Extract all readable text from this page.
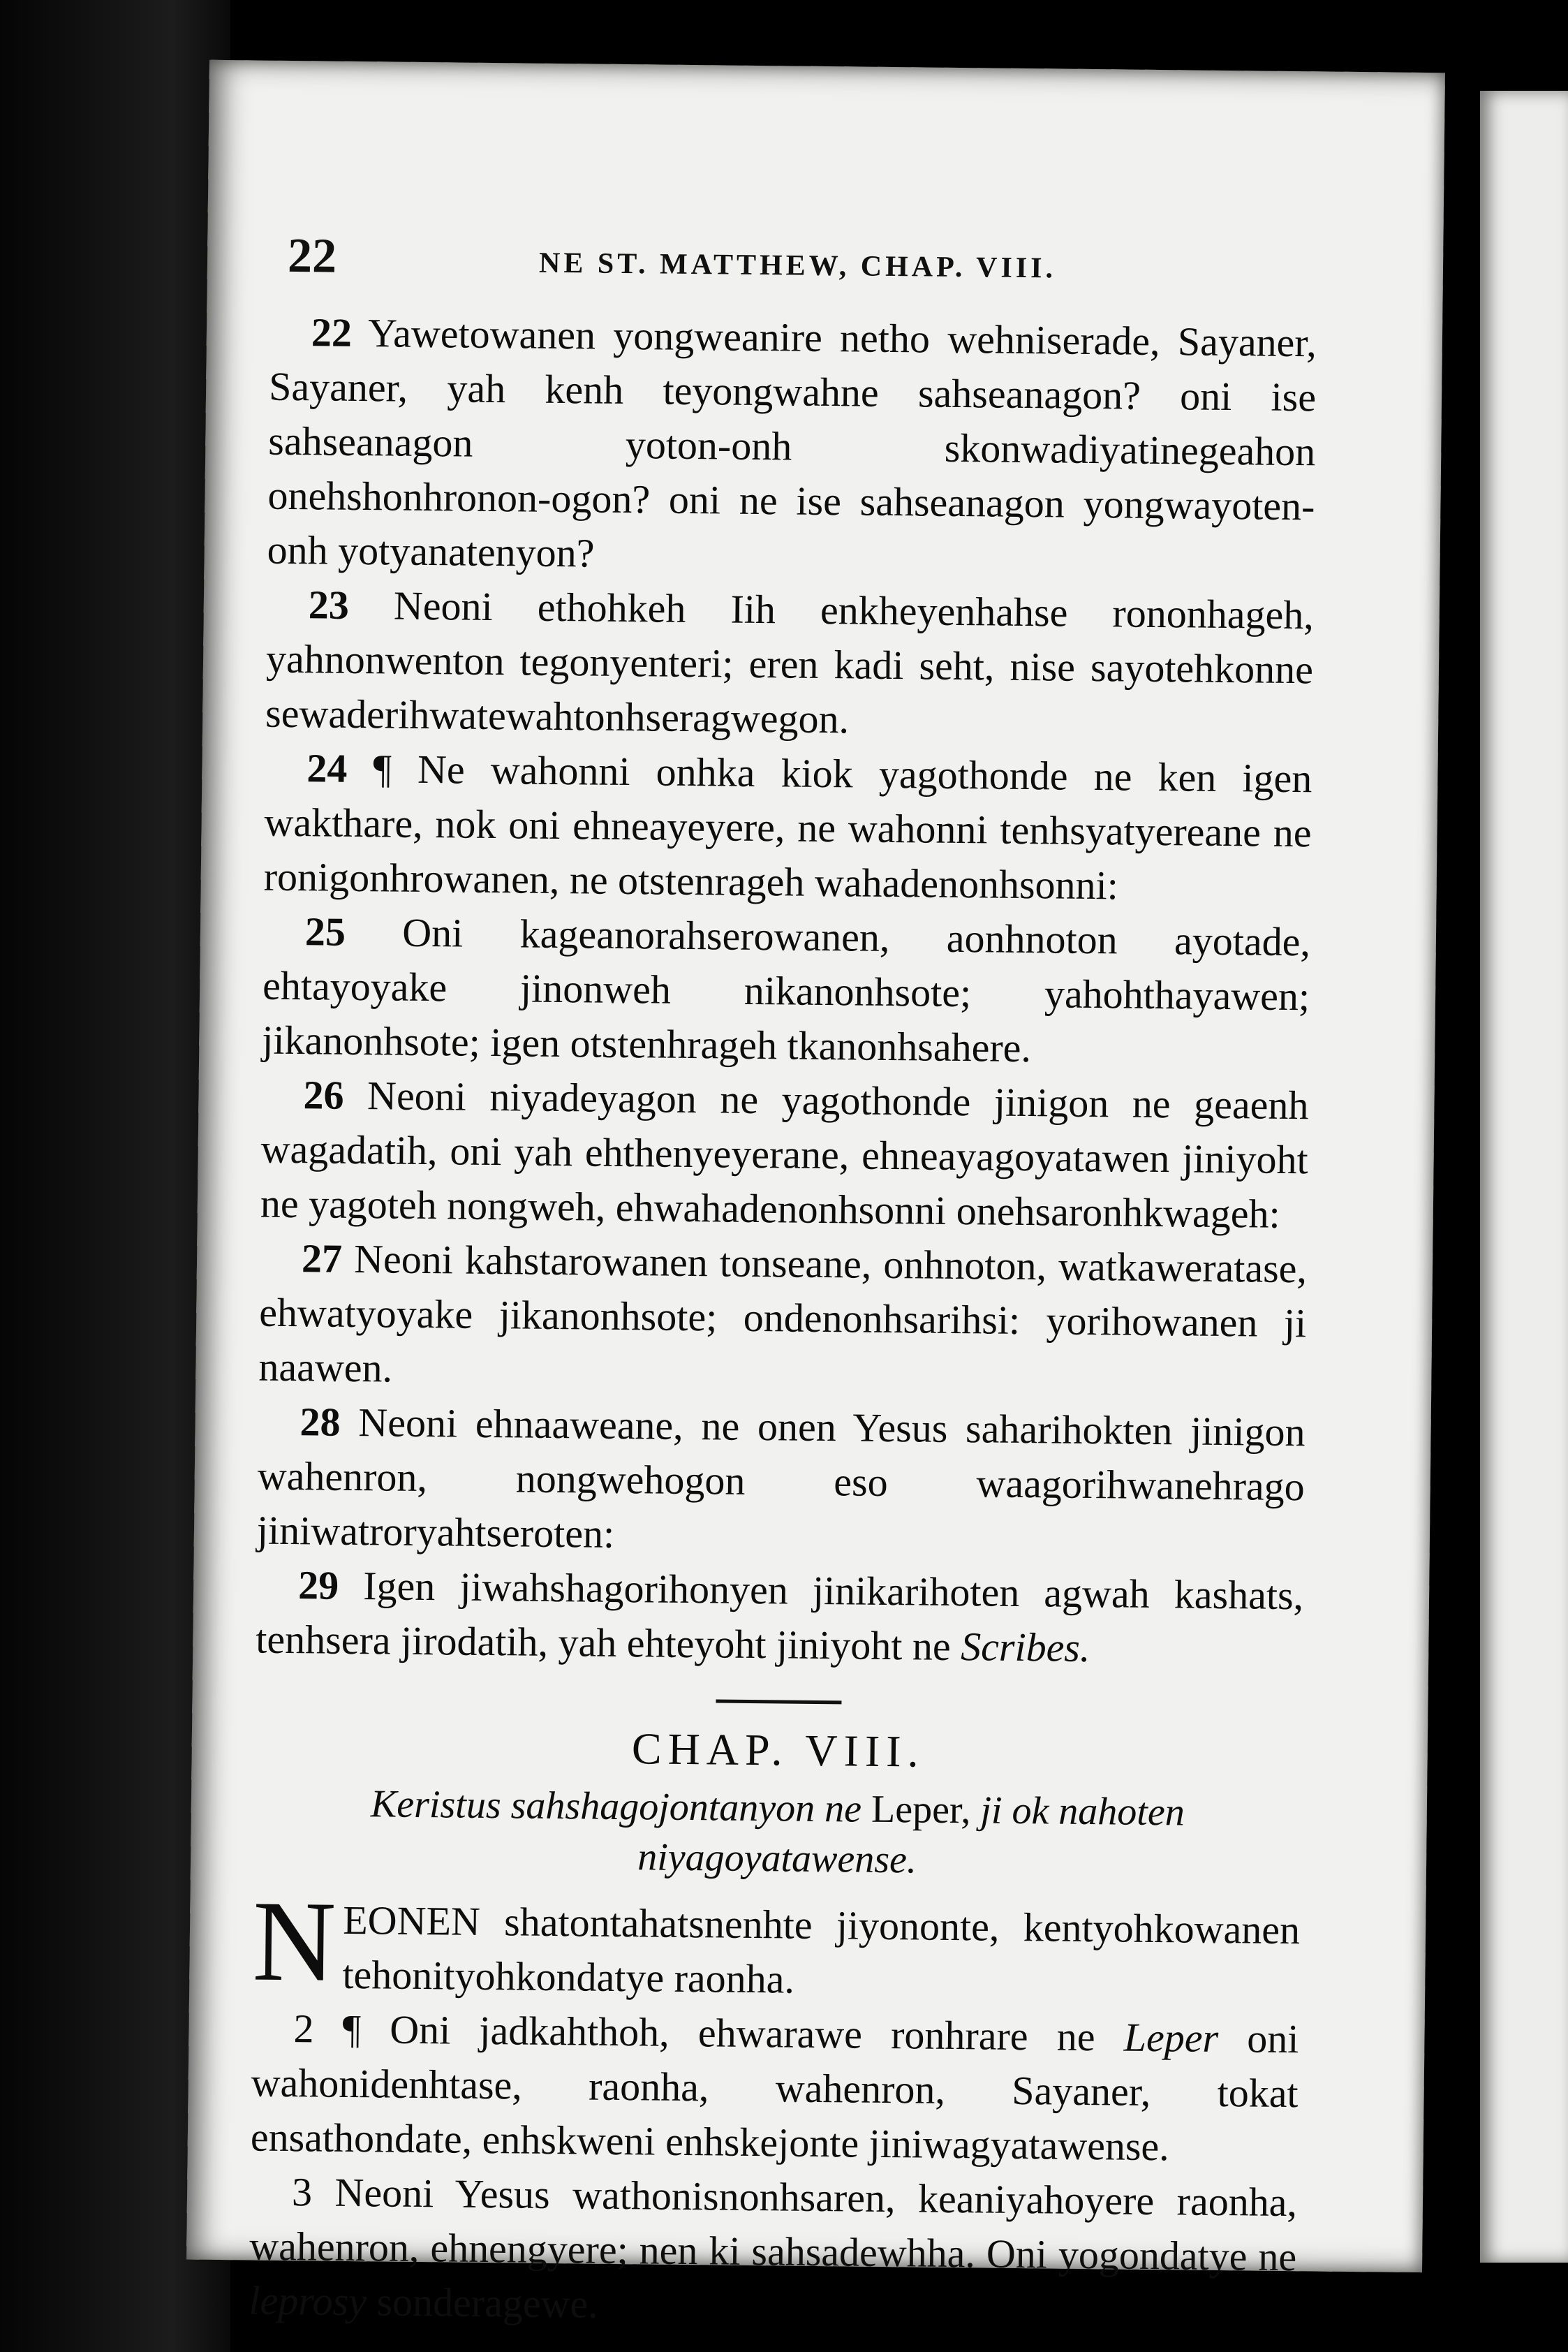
22	NE ST. MATTHEW, CHAP. VIII.

22 Yawetowanen yongweanire netho wehniserade, Sayaner, Sayaner, yah kenh teyongwahne sahseanagon? oni ise sahseanagon yoton-onh skonwadiyatinegeahon onehshonhronon-ogon? oni ne ise sahseanagon yongwayoten-onh yotyanatenyon?

23 Neoni ethohkeh Iih enkheyenhahse rononhageh, yahnonwenton tegonyenteri; eren kadi seht, nise sayotehkonne sewaderihwatewahtonhseragwegon.

24 ¶ Ne wahonni onhka kiok yagothonde ne ken igen wakthare, nok oni ehneayeyere, ne wahonni tenhsyatyereane ne ronigonhrowanen, ne otstenrageh wahadenonhsonni:

25 Oni kageanorahserowanen, aonhnoton ayotade, ehtayoyake jinonweh nikanonhsote; yahohthayawen; jikanonhsote; igen otstenhrageh tkanonhsahere.

26 Neoni niyadeyagon ne yagothonde jinigon ne geaenh wagadatih, oni yah ehthenyeyerane, ehneayagoyatawen jiniyoht ne yagoteh nongweh, ehwahadenonhsonni onehsaronhkwageh:

27 Neoni kahstarowanen tonseane, onhnoton, watkaweratase, ehwatyoyake jikanonhsote; ondenonhsarihsi: yorihowanen ji naawen.

28 Neoni ehnaaweane, ne onen Yesus saharihokten jinigon wahenron, nongwehogon eso waagorihwanehrago jiniwatroryahtseroten:

29 Igen jiwahshagorihonyen jinikarihoten agwah kashats, tenhsera jirodatih, yah ehteyoht jiniyoht ne Scribes.

CHAP. VIII.

Keristus sahshagojontanyon ne Leper, ji ok nahoten niyagoyatawense.

NEONEN shatontahatsnenhte jiyononte, kentyohkowanen tehonityohkondatye raonha.

2 ¶ Oni jadkahthoh, ehwarawe ronhrare ne Leper oni wahonidenhtase, raonha, wahenron, Sayaner, tokat ensathondate, enhskweni enhskejonte jiniwagyatawense.

3 Neoni Yesus wathonisnonhsaren, keaniyahoyere raonha, wahenron, ehnengyere; nen ki sahsadewhha. Oni yogondatye ne leprosy sonderagewe.
